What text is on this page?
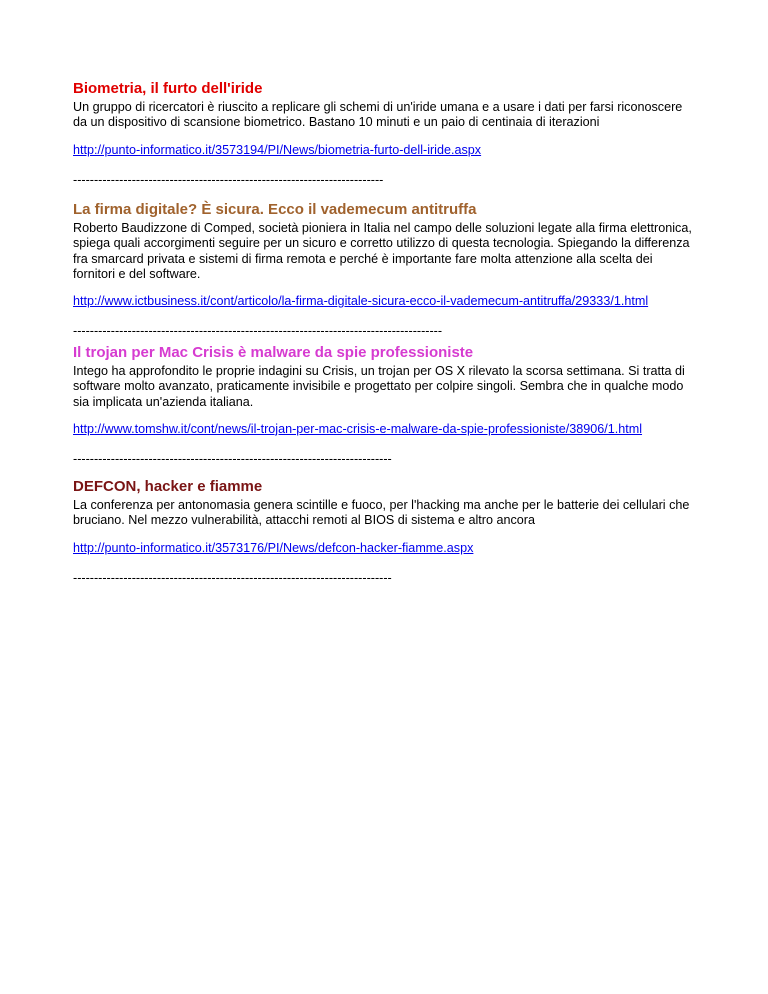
Biometria, il furto dell'iride

Un gruppo di ricercatori è riuscito a replicare gli schemi di un'iride umana e a usare i dati per farsi riconoscere da un dispositivo di scansione biometrico. Bastano 10 minuti e un paio di centinaia di iterazioni

http://punto-informatico.it/3573194/PI/News/biometria-furto-dell-iride.aspx
--------------------------------------------------------------------------
La firma digitale? È sicura. Ecco il vademecum antitruffa

Roberto Baudizzone di Comped, società pioniera in Italia nel campo delle soluzioni legate alla firma elettronica, spiega quali accorgimenti seguire per un sicuro e corretto utilizzo di questa tecnologia. Spiegando la differenza fra smarcard privata e sistemi di firma remota e perché è importante fare molta attenzione alla scelta dei fornitori e del software.

http://www.ictbusiness.it/cont/articolo/la-firma-digitale-sicura-ecco-il-vademecum-antitruffa/29333/1.html
----------------------------------------------------------------------------------------
Il trojan per Mac Crisis è malware da spie professioniste

Intego ha approfondito le proprie indagini su Crisis, un trojan per OS X rilevato la scorsa settimana. Si tratta di software molto avanzato, praticamente invisibile e progettato per colpire singoli. Sembra che in qualche modo sia implicata un'azienda italiana.

http://www.tomshw.it/cont/news/il-trojan-per-mac-crisis-e-malware-da-spie-professioniste/38906/1.html
----------------------------------------------------------------------------
DEFCON, hacker e fiamme

La conferenza per antonomasia genera scintille e fuoco, per l'hacking ma anche per le batterie dei cellulari che bruciano. Nel mezzo vulnerabilità, attacchi remoti al BIOS di sistema e altro ancora

http://punto-informatico.it/3573176/PI/News/defcon-hacker-fiamme.aspx
----------------------------------------------------------------------------
